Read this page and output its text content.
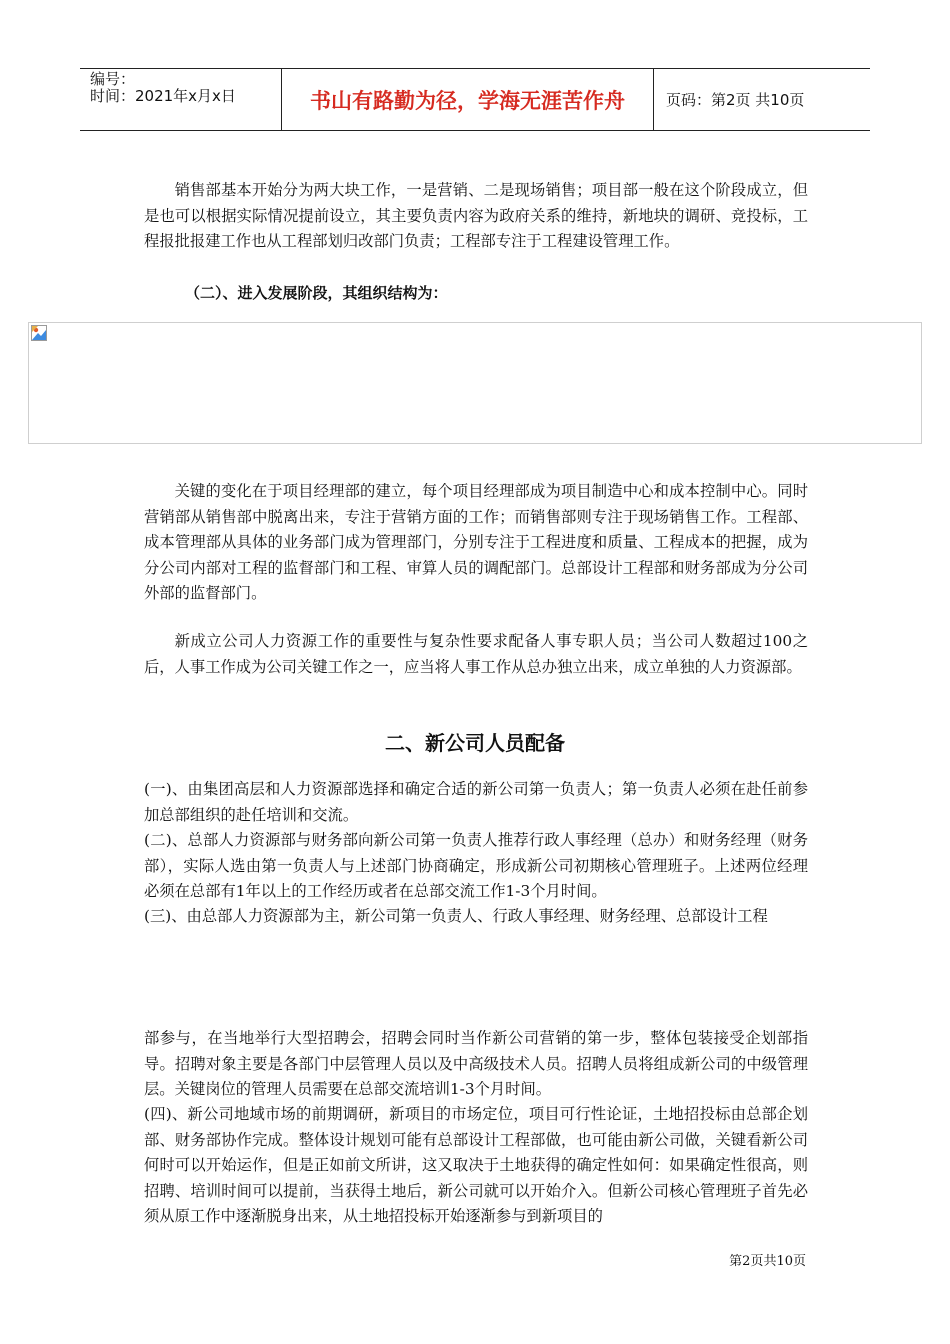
编号：
时间：2021年x月x日	书山有路勤为径，学海无涯苦作舟	页码：第2页 共10页

销售部基本开始分为两大块工作，一是营销、二是现场销售；项目部一般在这个阶段成立，但是也可以根据实际情况提前设立，其主要负责内容为政府关系的维持，新地块的调研、竞投标，工程报批报建工作也从工程部划归改部门负责；工程部专注于工程建设管理工作。

（二）、进入发展阶段，其组织结构为：

关键的变化在于项目经理部的建立，每个项目经理部成为项目制造中心和成本控制中心。同时营销部从销售部中脱离出来，专注于营销方面的工作；而销售部则专注于现场销售工作。工程部、成本管理部从具体的业务部门成为管理部门，分别专注于工程进度和质量、工程成本的把握，成为分公司内部对工程的监督部门和工程、审算人员的调配部门。总部设计工程部和财务部成为分公司外部的监督部门。

新成立公司人力资源工作的重要性与复杂性要求配备人事专职人员；当公司人数超过100之后，人事工作成为公司关键工作之一，应当将人事工作从总办独立出来，成立单独的人力资源部。

二、新公司人员配备

(一)、由集团高层和人力资源部选择和确定合适的新公司第一负责人；第一负责人必须在赴任前参加总部组织的赴任培训和交流。

(二)、总部人力资源部与财务部向新公司第一负责人推荐行政人事经理（总办）和财务经理（财务部），实际人选由第一负责人与上述部门协商确定，形成新公司初期核心管理班子。上述两位经理必须在总部有1年以上的工作经历或者在总部交流工作1-3个月时间。

(三)、由总部人力资源部为主，新公司第一负责人、行政人事经理、财务经理、总部设计工程

部参与，在当地举行大型招聘会，招聘会同时当作新公司营销的第一步，整体包装接受企划部指导。招聘对象主要是各部门中层管理人员以及中高级技术人员。招聘人员将组成新公司的中级管理层。关键岗位的管理人员需要在总部交流培训1-3个月时间。

(四)、新公司地域市场的前期调研，新项目的市场定位，项目可行性论证，土地招投标由总部企划部、财务部协作完成。整体设计规划可能有总部设计工程部做，也可能由新公司做，关键看新公司何时可以开始运作，但是正如前文所讲，这又取决于土地获得的确定性如何：如果确定性很高，则招聘、培训时间可以提前，当获得土地后，新公司就可以开始介入。但新公司核心管理班子首先必须从原工作中逐渐脱身出来，从土地招投标开始逐渐参与到新项目的

第2页共10页
